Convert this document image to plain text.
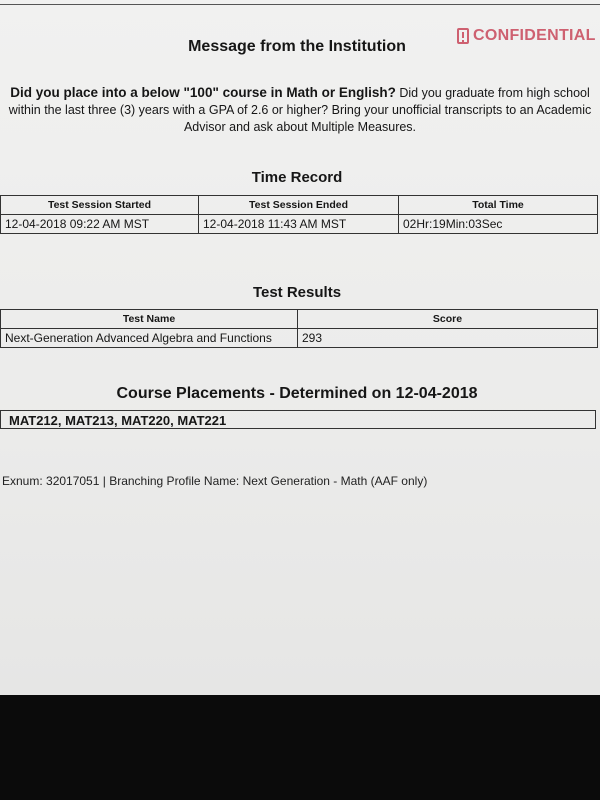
CONFIDENTIAL
Message from the Institution
Did you place into a below "100" course in Math or English? Did you graduate from high school within the last three (3) years with a GPA of 2.6 or higher? Bring your unofficial transcripts to an Academic Advisor and ask about Multiple Measures.
Time Record
Test Session Started	Test Session Ended	Total Time
12-04-2018 09:22 AM MST	12-04-2018 11:43 AM MST	02Hr:19Min:03Sec
Test Results
Test Name	Score
Next-Generation Advanced Algebra and Functions	293
Course Placements - Determined on 12-04-2018
MAT212, MAT213, MAT220, MAT221
Exnum: 32017051 | Branching Profile Name: Next Generation - Math (AAF only)
